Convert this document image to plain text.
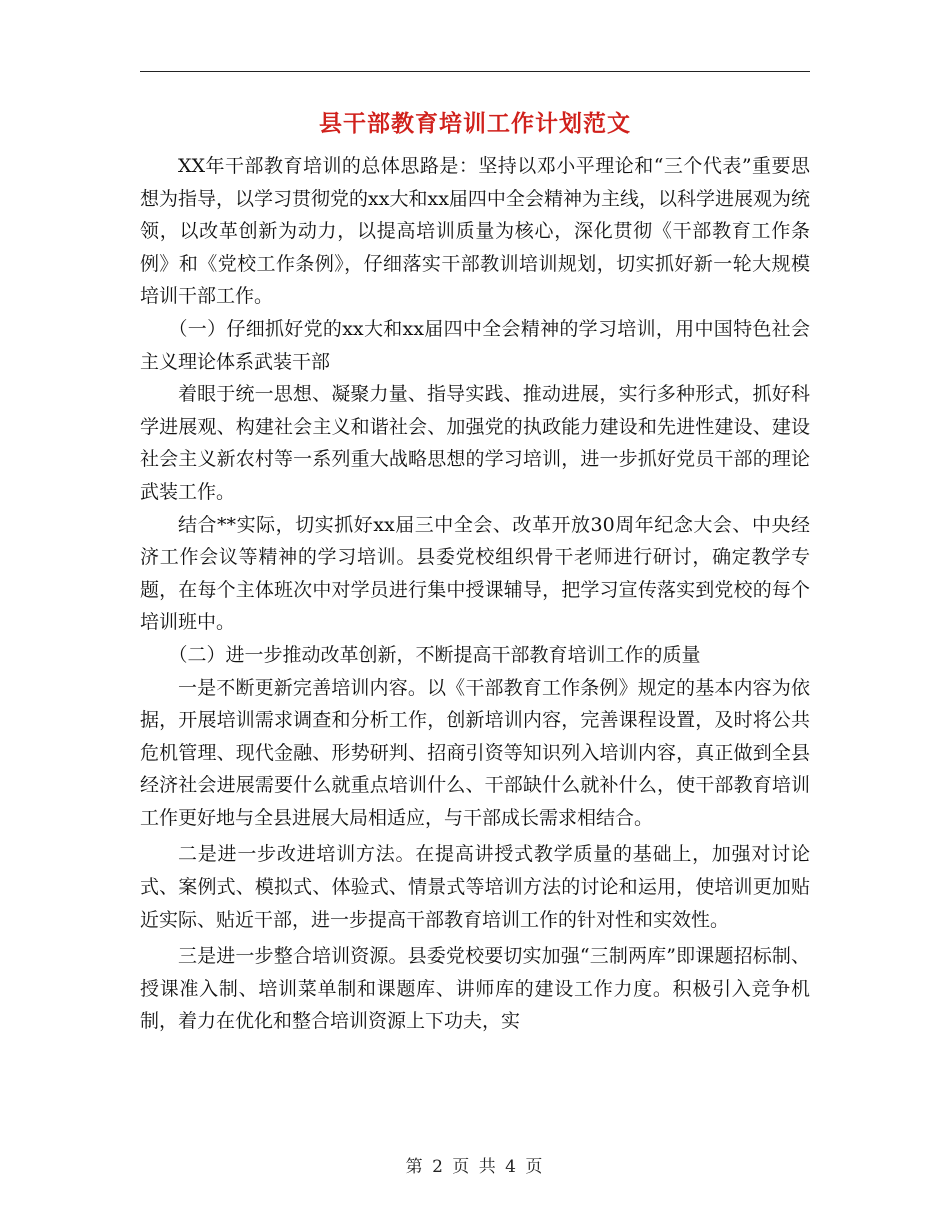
县干部教育培训工作计划范文

XX年干部教育培训的总体思路是：坚持以邓小平理论和“三个代表”重要思想为指导，以学习贯彻党的xx大和xx届四中全会精神为主线，以科学进展观为统领，以改革创新为动力，以提高培训质量为核心，深化贯彻《干部教育工作条例》和《党校工作条例》，仔细落实干部教训培训规划，切实抓好新一轮大规模培训干部工作。

（一）仔细抓好党的xx大和xx届四中全会精神的学习培训，用中国特色社会主义理论体系武装干部

着眼于统一思想、凝聚力量、指导实践、推动进展，实行多种形式，抓好科学进展观、构建社会主义和谐社会、加强党的执政能力建设和先进性建设、建设社会主义新农村等一系列重大战略思想的学习培训，进一步抓好党员干部的理论武装工作。

结合**实际，切实抓好xx届三中全会、改革开放30周年纪念大会、中央经济工作会议等精神的学习培训。县委党校组织骨干老师进行研讨，确定教学专题，在每个主体班次中对学员进行集中授课辅导，把学习宣传落实到党校的每个培训班中。

（二）进一步推动改革创新，不断提高干部教育培训工作的质量

一是不断更新完善培训内容。以《干部教育工作条例》规定的基本内容为依据，开展培训需求调查和分析工作，创新培训内容，完善课程设置，及时将公共危机管理、现代金融、形势研判、招商引资等知识列入培训内容，真正做到全县经济社会进展需要什么就重点培训什么、干部缺什么就补什么，使干部教育培训工作更好地与全县进展大局相适应，与干部成长需求相结合。

二是进一步改进培训方法。在提高讲授式教学质量的基础上，加强对讨论式、案例式、模拟式、体验式、情景式等培训方法的讨论和运用，使培训更加贴近实际、贴近干部，进一步提高干部教育培训工作的针对性和实效性。

三是进一步整合培训资源。县委党校要切实加强“三制两库”即课题招标制、授课准入制、培训菜单制和课题库、讲师库的建设工作力度。积极引入竞争机制，着力在优化和整合培训资源上下功夫，实

第 2 页 共 4 页
